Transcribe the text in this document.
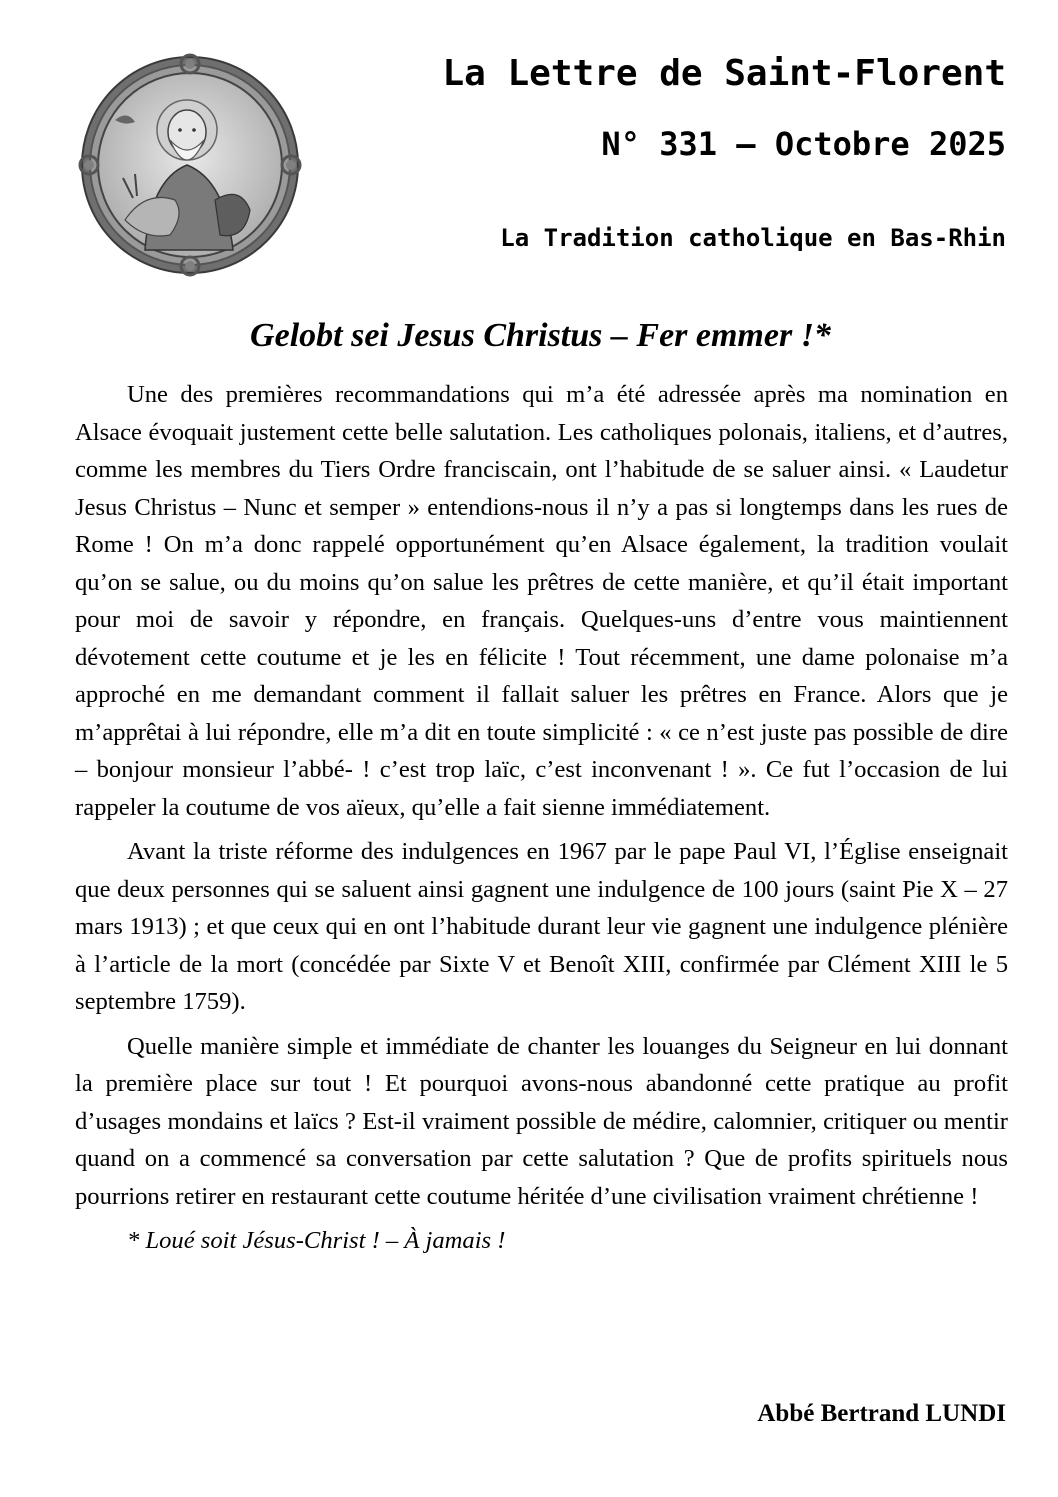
La Lettre de Saint-Florent
N° 331 — Octobre 2025
La Tradition catholique en Bas-Rhin
Gelobt sei Jesus Christus – Fer emmer !*

Une des premières recommandations qui m’a été adressée après ma nomination en Alsace évoquait justement cette belle salutation. Les catholiques polonais, italiens, et d’autres, comme les membres du Tiers Ordre franciscain, ont l’habitude de se saluer ainsi. « Laudetur Jesus Christus – Nunc et semper » entendions-nous il n’y a pas si longtemps dans les rues de Rome ! On m’a donc rappelé opportunément qu’en Alsace également, la tradition voulait qu’on se salue, ou du moins qu’on salue les prêtres de cette manière, et qu’il était important pour moi de savoir y répondre, en français. Quelques-uns d’entre vous maintiennent dévotement cette coutume et je les en félicite ! Tout récemment, une dame polonaise m’a approché en me demandant comment il fallait saluer les prêtres en France. Alors que je m’apprêtai à lui répondre, elle m’a dit en toute simplicité : « ce n’est juste pas possible de dire – bonjour monsieur l’abbé- ! c’est trop laïc, c’est inconvenant ! ». Ce fut l’occasion de lui rappeler la coutume de vos aïeux, qu’elle a fait sienne immédiatement.

Avant la triste réforme des indulgences en 1967 par le pape Paul VI, l’Église enseignait que deux personnes qui se saluent ainsi gagnent une indulgence de 100 jours (saint Pie X – 27 mars 1913) ; et que ceux qui en ont l’habitude durant leur vie gagnent une indulgence plénière à l’article de la mort (concédée par Sixte V et Benoît XIII, confirmée par Clément XIII le 5 septembre 1759).

Quelle manière simple et immédiate de chanter les louanges du Seigneur en lui donnant la première place sur tout ! Et pourquoi avons-nous abandonné cette pratique au profit d’usages mondains et laïcs ? Est-il vraiment possible de médire, calomnier, critiquer ou mentir quand on a commencé sa conversation par cette salutation ? Que de profits spirituels nous pourrions retirer en restaurant cette coutume héritée d’une civilisation vraiment chrétienne !

* Loué soit Jésus-Christ ! – À jamais !

Abbé Bertrand LUNDI
